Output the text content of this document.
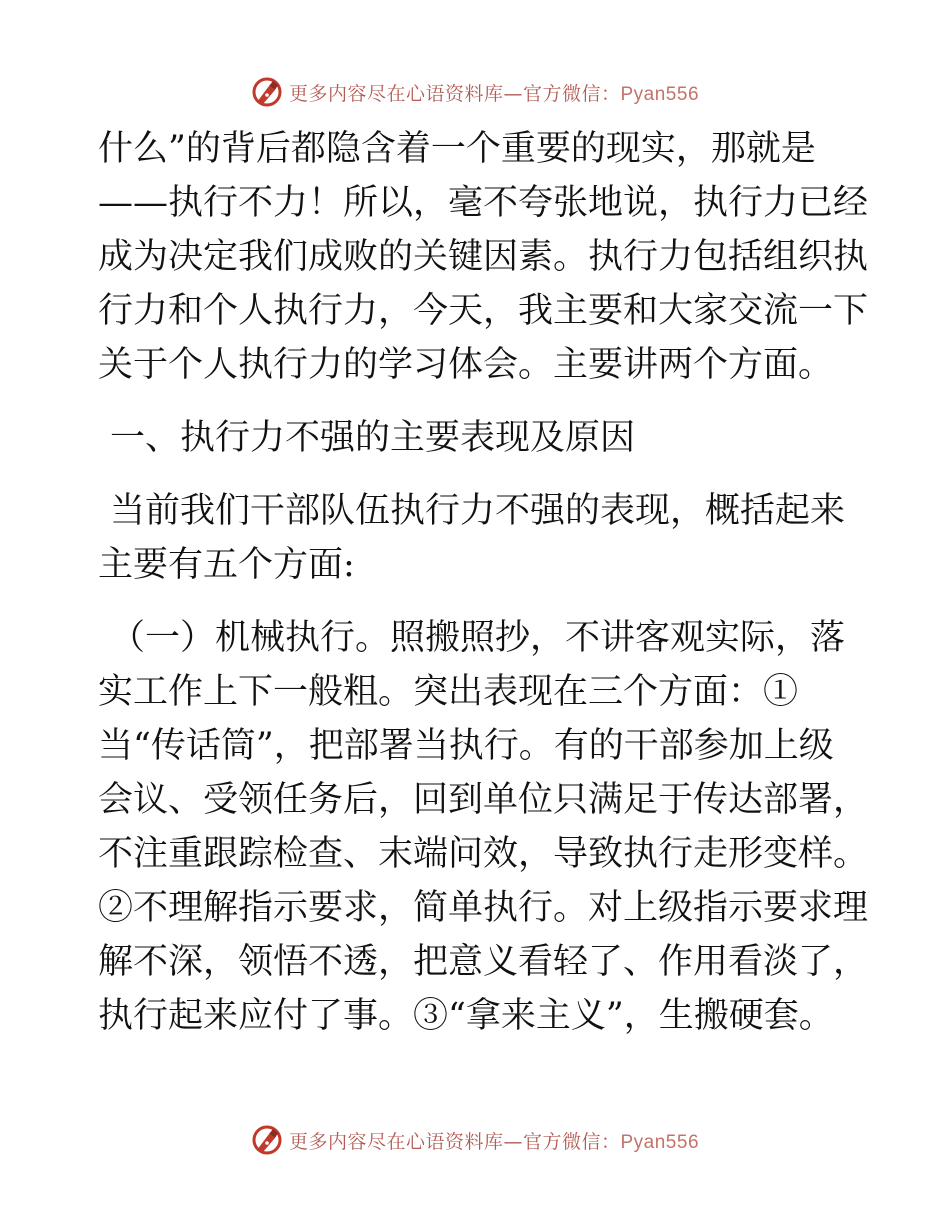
更多内容尽在心语资料库—官方微信：Pyan556
什么”的背后都隐含着一个重要的现实，那就是
——执行不力！所以，毫不夸张地说，执行力已经
成为决定我们成败的关键因素。执行力包括组织执
行力和个人执行力，今天，我主要和大家交流一下
关于个人执行力的学习体会。主要讲两个方面。
一、执行力不强的主要表现及原因
当前我们干部队伍执行力不强的表现，概括起来
主要有五个方面:
（一）机械执行。照搬照抄，不讲客观实际，落
实工作上下一般粗。突出表现在三个方面：①
当“传话筒”，把部署当执行。有的干部参加上级
会议、受领任务后，回到单位只满足于传达部署，
不注重跟踪检查、末端问效，导致执行走形变样。
②不理解指示要求，简单执行。对上级指示要求理
解不深，领悟不透，把意义看轻了、作用看淡了，
执行起来应付了事。③“拿来主义”，生搬硬套。
更多内容尽在心语资料库—官方微信：Pyan556
